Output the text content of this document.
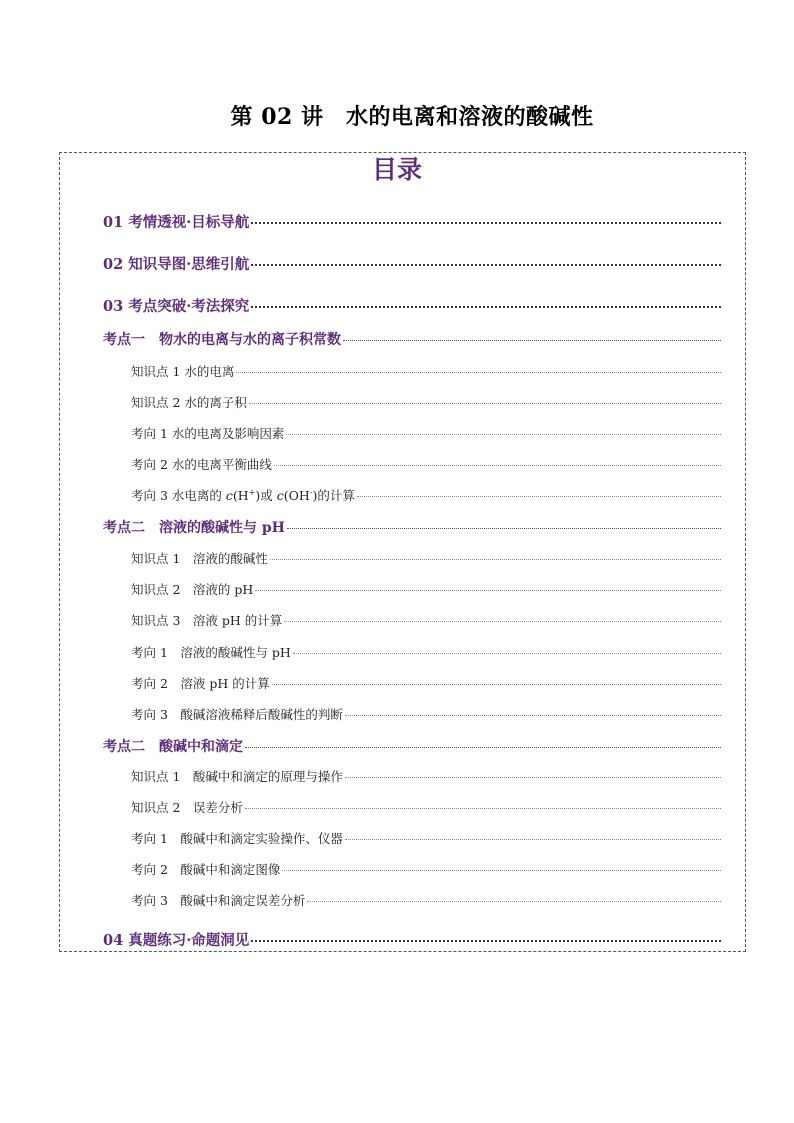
第 02 讲　水的电离和溶液的酸碱性
目录
01 考情透视·目标导航
02 知识导图·思维引航
03 考点突破·考法探究
考点一　物水的电离与水的离子积常数
知识点 1 水的电离
知识点 2 水的离子积
考向 1 水的电离及影响因素
考向 2 水的电离平衡曲线
考向 3 水电离的 c(H+)或 c(OH-)的计算
考点二　溶液的酸碱性与 pH
知识点 1　溶液的酸碱性
知识点 2　溶液的 pH
知识点 3　溶液 pH 的计算
考向 1　溶液的酸碱性与 pH
考向 2　溶液 pH 的计算
考向 3　酸碱溶液稀释后酸碱性的判断
考点二　酸碱中和滴定
知识点 1　酸碱中和滴定的原理与操作
知识点 2　误差分析
考向 1　酸碱中和滴定实验操作、仪器
考向 2　酸碱中和滴定图像
考向 3　酸碱中和滴定误差分析
04 真题练习·命题洞见
